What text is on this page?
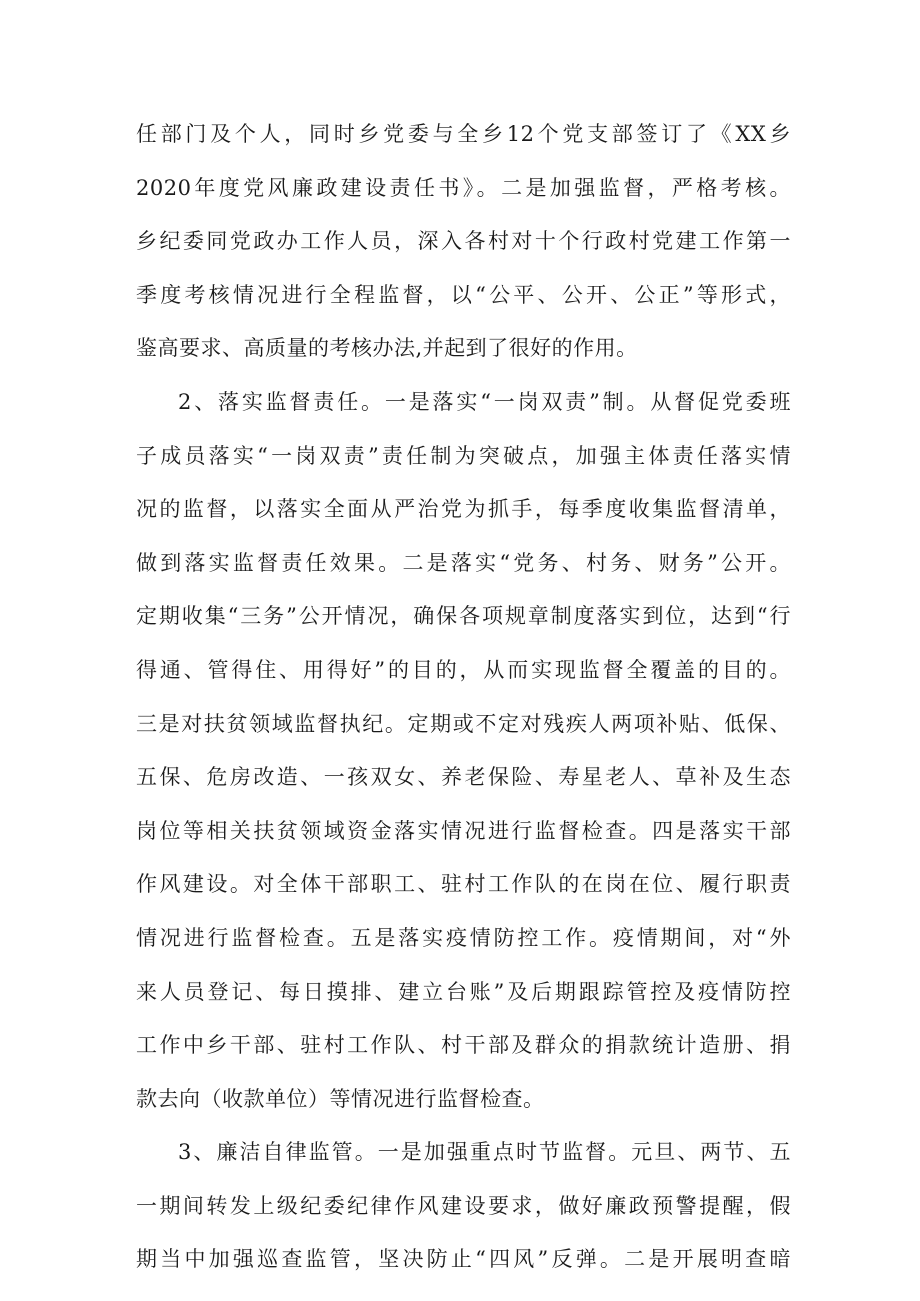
任部门及个人，同时乡党委与全乡12个党支部签订了《XX乡
2020年度党风廉政建设责任书》。二是加强监督，严格考核。
乡纪委同党政办工作人员，深入各村对十个行政村党建工作第一
季度考核情况进行全程监督，以“公平、公开、公正”等形式，
鉴高要求、高质量的考核办法,并起到了很好的作用。
2、落实监督责任。一是落实“一岗双责”制。从督促党委班
子成员落实“一岗双责”责任制为突破点，加强主体责任落实情
况的监督，以落实全面从严治党为抓手，每季度收集监督清单，
做到落实监督责任效果。二是落实“党务、村务、财务”公开。
定期收集“三务”公开情况，确保各项规章制度落实到位，达到“行
得通、管得住、用得好”的目的，从而实现监督全覆盖的目的。
三是对扶贫领域监督执纪。定期或不定对残疾人两项补贴、低保、
五保、危房改造、一孩双女、养老保险、寿星老人、草补及生态
岗位等相关扶贫领域资金落实情况进行监督检查。四是落实干部
作风建设。对全体干部职工、驻村工作队的在岗在位、履行职责
情况进行监督检查。五是落实疫情防控工作。疫情期间，对“外
来人员登记、每日摸排、建立台账”及后期跟踪管控及疫情防控
工作中乡干部、驻村工作队、村干部及群众的捐款统计造册、捐
款去向（收款单位）等情况进行监督检查。
3、廉洁自律监管。一是加强重点时节监督。元旦、两节、五
一期间转发上级纪委纪律作风建设要求，做好廉政预警提醒，假
期当中加强巡查监管，坚决防止“四风”反弹。二是开展明查暗
